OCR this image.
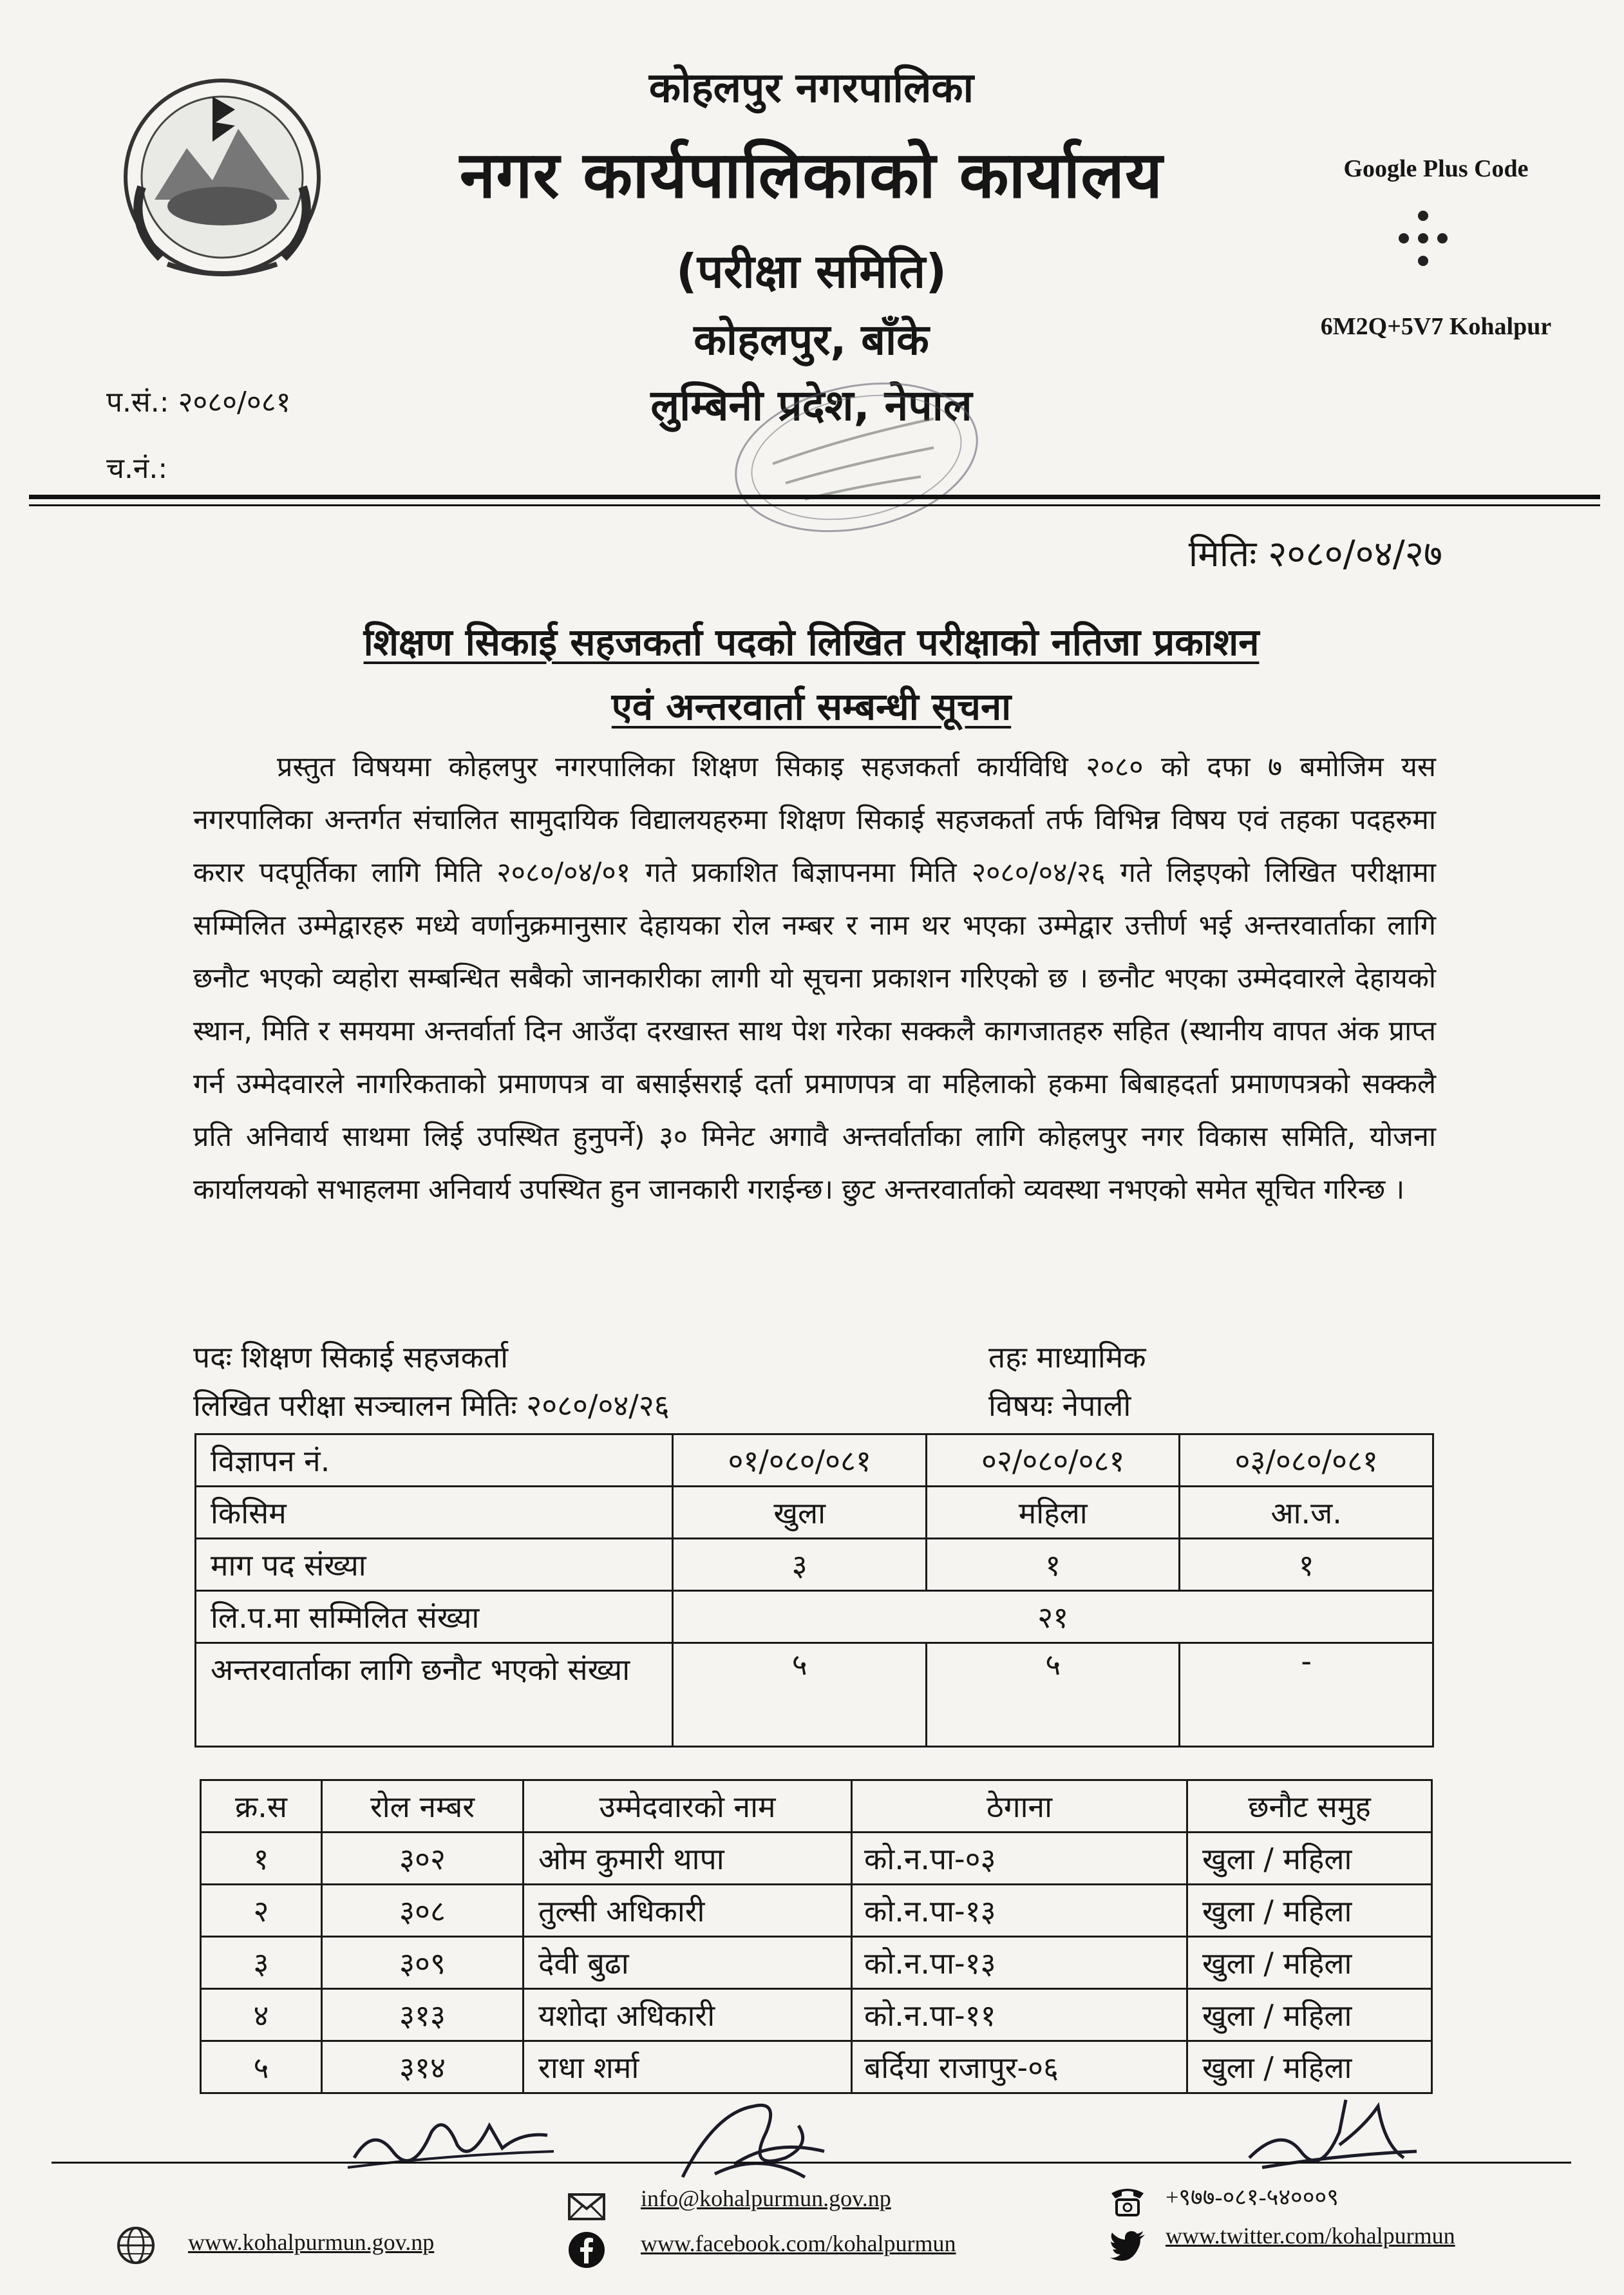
कोहलपुर नगरपालिका
नगर कार्यपालिकाको कार्यालय
(परीक्षा समिति)
कोहलपुर, बाँके
लुम्बिनी प्रदेश, नेपाल
Google Plus Code
6M2Q+5V7 Kohalpur
प.सं.: २०८०/०८१
च.नं.:
मितिः २०८०/०४/२७
शिक्षण सिकाई सहजकर्ता पदको लिखित परीक्षाको नतिजा प्रकाशन
एवं अन्तरवार्ता सम्बन्धी सूचना
प्रस्तुत विषयमा कोहलपुर नगरपालिका शिक्षण सिकाइ सहजकर्ता कार्यविधि २०८० को दफा ७ बमोजिम यस नगरपालिका अन्तर्गत संचालित सामुदायिक विद्यालयहरुमा शिक्षण सिकाई सहजकर्ता तर्फ विभिन्न विषय एवं तहका पदहरुमा करार पदपूर्तिका लागि मिति २०८०/०४/०१ गते प्रकाशित बिज्ञापनमा मिति २०८०/०४/२६ गते लिइएको लिखित परीक्षामा सम्मिलित उम्मेद्वारहरु मध्ये वर्णानुक्रमानुसार देहायका रोल नम्बर र नाम थर भएका उम्मेद्वार उत्तीर्ण भई अन्तरवार्ताका लागि छनौट भएको व्यहोरा सम्बन्धित सबैको जानकारीका लागी यो सूचना प्रकाशन गरिएको छ । छनौट भएका उम्मेदवारले देहायको स्थान, मिति र समयमा अन्तर्वार्ता दिन आउँदा दरखास्त साथ पेश गरेका सक्कलै कागजातहरु सहित (स्थानीय वापत अंक प्राप्त गर्न उम्मेदवारले नागरिकताको प्रमाणपत्र वा बसाईसराई दर्ता प्रमाणपत्र वा महिलाको हकमा बिबाहदर्ता प्रमाणपत्रको सक्कलै प्रति अनिवार्य साथमा लिई उपस्थित हुनुपर्ने) ३० मिनेट अगावै अन्तर्वार्ताका लागि कोहलपुर नगर विकास समिति, योजना कार्यालयको सभाहलमा अनिवार्य उपस्थित हुन जानकारी गराईन्छ। छुट अन्तरवार्ताको व्यवस्था नभएको समेत सूचित गरिन्छ ।
पदः शिक्षण सिकाई सहजकर्ता	तहः माध्यामिक
लिखित परीक्षा सञ्चालन मितिः २०८०/०४/२६	विषयः नेपाली
विज्ञापन नं.	०१/०८०/०८१	०२/०८०/०८१	०३/०८०/०८१
किसिम	खुला	महिला	आ.ज.
माग पद संख्या	३	१	१
लि.प.मा सम्मिलित संख्या	२१		

अन्तरवार्ताका लागि छनौट भएको संख्या	५	५	-
क्र.स	रोल नम्बर	उम्मेदवारको नाम	ठेगाना	छनौट समुह
१	३०२	ओम कुमारी थापा	को.न.पा-०३	खुला / महिला
२	३०८	तुल्सी अधिकारी	को.न.पा-१३	खुला / महिला
३	३०९	देवी बुढा	को.न.पा-१३	खुला / महिला
४	३१३	यशोदा अधिकारी	को.न.पा-११	खुला / महिला
५	३१४	राधा शर्मा	बर्दिया राजापुर-०६	खुला / महिला
www.kohalpurmun.gov.np
info@kohalpurmun.gov.np
www.facebook.com/kohalpurmun
+९७७-०८१-५४०००९
www.twitter.com/kohalpurmun
